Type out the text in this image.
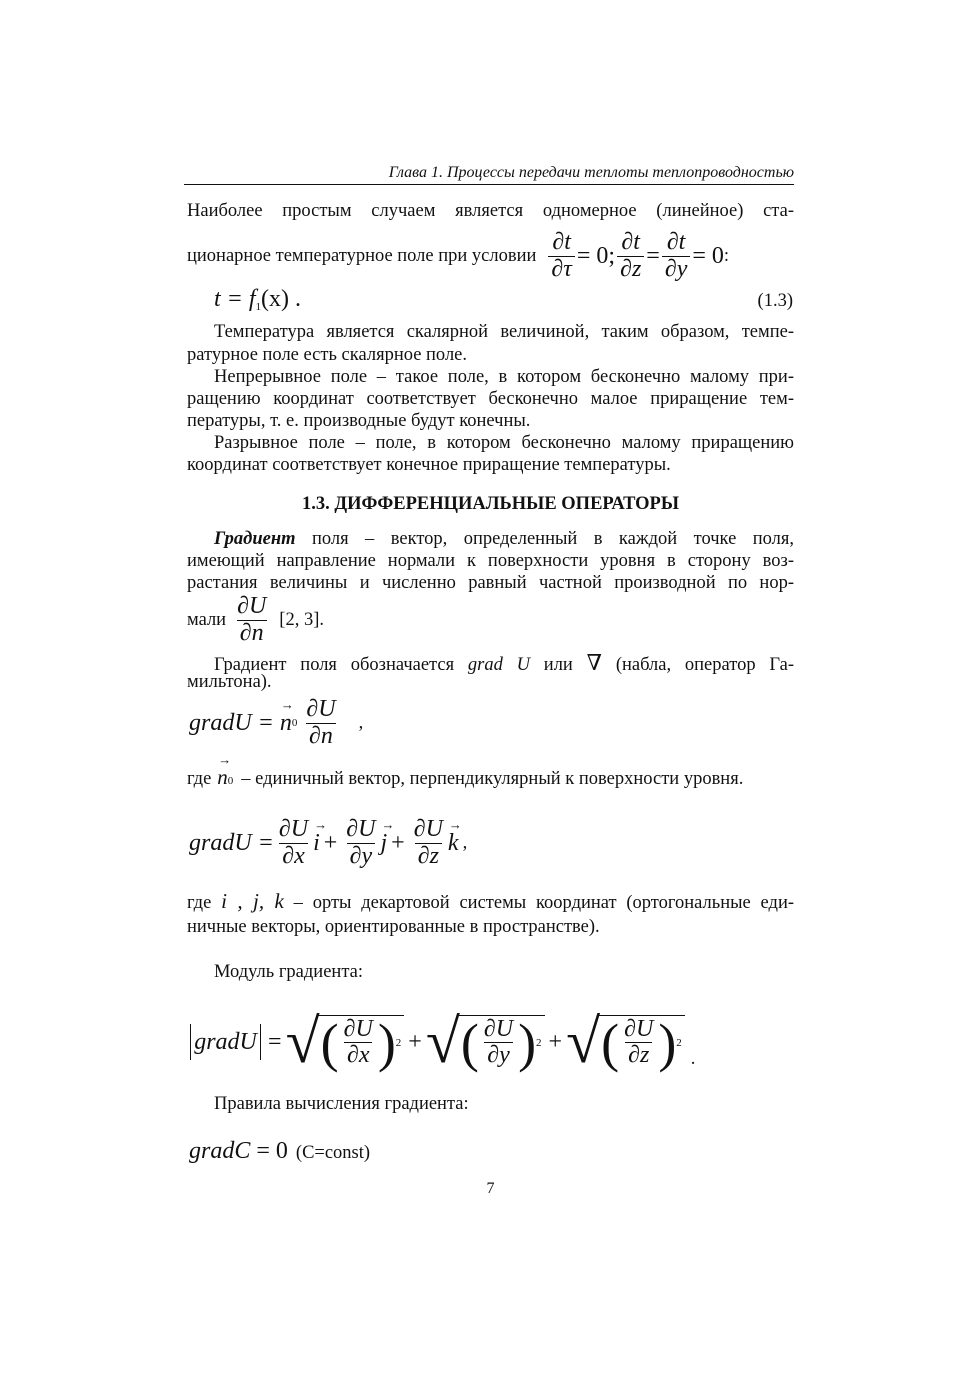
Глава 1. Процессы передачи теплоты теплопроводностью
Наиболее простым случаем является одномерное (линейное) ста-
ционарное температурное поле при условии $\frac{\partial t}{\partial\tau} = 0$ ; $\frac{\partial t}{\partial z} = \frac{\partial t}{\partial y} = 0$ :
$t = f_1(x)$ .	(1.3)
Температура является скалярной величиной, таким образом, темпе-
ратурное поле есть скалярное поле.
Непрерывное поле – такое поле, в котором бесконечно малому при-
ращению координат соответствует бесконечно малое приращение тем-
пературы, т. е. производные будут конечны.
Разрывное поле – поле, в котором бесконечно малому приращению
координат соответствует конечное приращение температуры.
1.3. ДИФФЕРЕНЦИАЛЬНЫЕ ОПЕРАТОРЫ
Градиент поля – вектор, определенный в каждой точке поля,
имеющий направление нормали к поверхности уровня в сторону воз-
растания величины и численно равный частной производной по нор-
мали $\frac{\partial U}{\partial n} [2$, 3].
Градиент поля обозначается grad U или ∇ (набла, оператор Га-
мильтона).
gradU =
→ n $0 \frac{\partial U}{\partial n}$ ,
где
→ n 0 – единичный вектор, перпендикулярный к поверхности уровня.
gradU = $\frac{\partial U}{\partial x}$
→ $i + \frac{\partial U}{\partial y}$
→ $j + \frac{\partial U}{\partial z}$
→ k ,
где i , j, k – орты декартовой системы координат (ортогональные еди-
ничные векторы, ориентированные в пространстве).
Модуль градиента:
gradU = √ ( $\frac{\partial U}{\partial x}$ ) 2 + √ ( $\frac{\partial U}{\partial y}$ ) 2 + √ ( $\frac{\partial U}{\partial z}$ ) 2
.
Правила вычисления градиента:
gradC = 0 (C=const)
7
